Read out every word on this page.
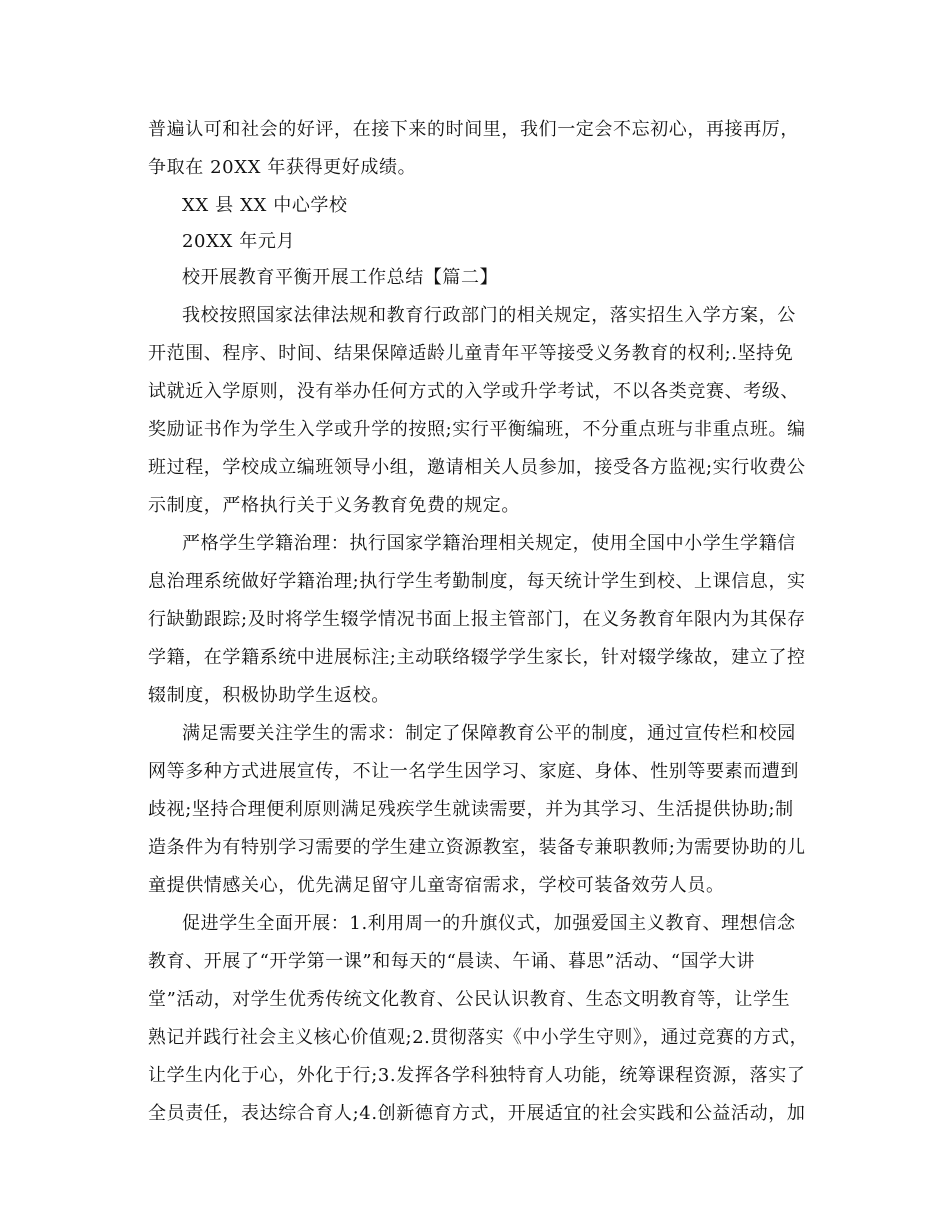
普遍认可和社会的好评，在接下来的时间里，我们一定会不忘初心，再接再厉，
争取在 20XX 年获得更好成绩。
XX 县 XX 中心学校
20XX 年元月
校开展教育平衡开展工作总结【篇二】
我校按照国家法律法规和教育行政部门的相关规定，落实招生入学方案，公
开范围、程序、时间、结果保障适龄儿童青年平等接受义务教育的权利;.坚持免
试就近入学原则，没有举办任何方式的入学或升学考试，不以各类竞赛、考级、
奖励证书作为学生入学或升学的按照;实行平衡编班，不分重点班与非重点班。编
班过程，学校成立编班领导小组，邀请相关人员参加，接受各方监视;实行收费公
示制度，严格执行关于义务教育免费的规定。
严格学生学籍治理：执行国家学籍治理相关规定，使用全国中小学生学籍信
息治理系统做好学籍治理;执行学生考勤制度，每天统计学生到校、上课信息，实
行缺勤跟踪;及时将学生辍学情况书面上报主管部门，在义务教育年限内为其保存
学籍，在学籍系统中进展标注;主动联络辍学学生家长，针对辍学缘故，建立了控
辍制度，积极协助学生返校。
满足需要关注学生的需求：制定了保障教育公平的制度，通过宣传栏和校园
网等多种方式进展宣传，不让一名学生因学习、家庭、身体、性别等要素而遭到
歧视;坚持合理便利原则满足残疾学生就读需要，并为其学习、生活提供协助;制
造条件为有特别学习需要的学生建立资源教室，装备专兼职教师;为需要协助的儿
童提供情感关心，优先满足留守儿童寄宿需求，学校可装备效劳人员。
促进学生全面开展：1.利用周一的升旗仪式，加强爱国主义教育、理想信念
教育、开展了“开学第一课”和每天的“晨读、午诵、暮思”活动、“国学大讲
堂”活动，对学生优秀传统文化教育、公民认识教育、生态文明教育等，让学生
熟记并践行社会主义核心价值观;2.贯彻落实《中小学生守则》，通过竞赛的方式，
让学生内化于心，外化于行;3.发挥各学科独特育人功能，统筹课程资源，落实了
全员责任，表达综合育人;4.创新德育方式，开展适宜的社会实践和公益活动，加
